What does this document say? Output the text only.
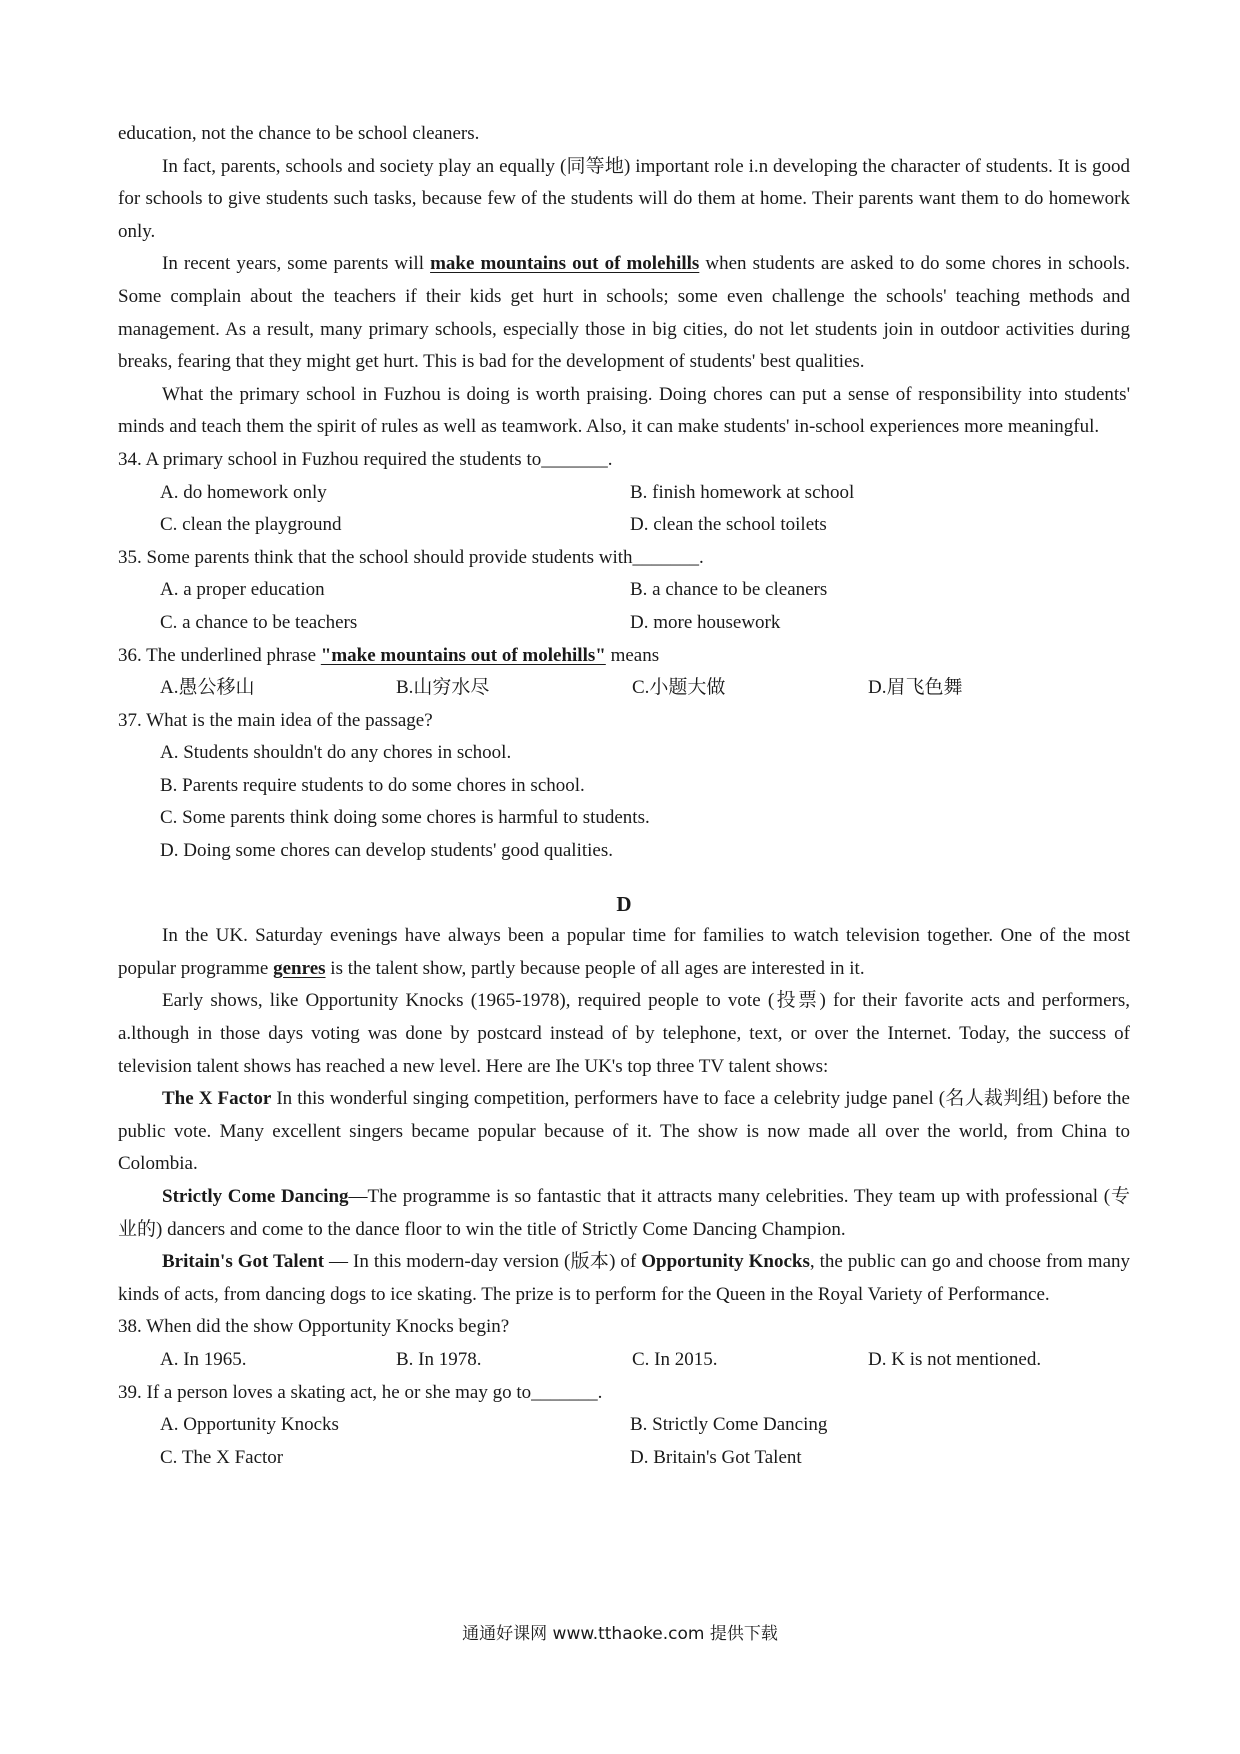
education, not the chance to be school cleaners.

In fact, parents, schools and society play an equally (同等地) important role i.n developing the character of students. It is good for schools to give students such tasks, because few of the students will do them at home. Their parents want them to do homework only.

In recent years, some parents will make mountains out of molehills when students are asked to do some chores in schools. Some complain about the teachers if their kids get hurt in schools; some even challenge the schools' teaching methods and management. As a result, many primary schools, especially those in big cities, do not let students join in outdoor activities during breaks, fearing that they might get hurt. This is bad for the development of students' best qualities.

What the primary school in Fuzhou is doing is worth praising. Doing chores can put a sense of responsibility into students' minds and teach them the spirit of rules as well as teamwork. Also, it can make students' in-school experiences more meaningful.

34. A primary school in Fuzhou required the students to_______.

A. do homework only	B. finish homework at school
C. clean the playground	D. clean the school toilets

35. Some parents think that the school should provide students with_______.

A. a proper education	B. a chance to be cleaners
C. a chance to be teachers	D. more housework

36. The underlined phrase "make mountains out of molehills" means

A.愚公移山	B.山穷水尽	C.小题大做	D.眉飞色舞

37. What is the main idea of the passage?

A. Students shouldn't do any chores in school.

B. Parents require students to do some chores in school.

C. Some parents think doing some chores is harmful to students.

D. Doing some chores can develop students' good qualities.

D

In the UK. Saturday evenings have always been a popular time for families to watch television together. One of the most popular programme genres is the talent show, partly because people of all ages are interested in it.

Early shows, like Opportunity Knocks (1965-1978), required people to vote (投票) for their favorite acts and performers, a.lthough in those days voting was done by postcard instead of by telephone, text, or over the Internet. Today, the success of television talent shows has reached a new level. Here are Ihe UK's top three TV talent shows:

The X Factor In this wonderful singing competition, performers have to face a celebrity judge panel (名人裁判组) before the public vote. Many excellent singers became popular because of it. The show is now made all over the world, from China to Colombia.

Strictly Come Dancing—The programme is so fantastic that it attracts many celebrities. They team up with professional (专业的) dancers and come to the dance floor to win the title of Strictly Come Dancing Champion.

Britain's Got Talent — In this modern-day version (版本) of Opportunity Knocks, the public can go and choose from many kinds of acts, from dancing dogs to ice skating. The prize is to perform for the Queen in the Royal Variety of Performance.

38. When did the show Opportunity Knocks begin?

A. In 1965.	B. In 1978.	C. In 2015.	D. K is not mentioned.

39. If a person loves a skating act, he or she may go to_______.

A. Opportunity Knocks	B. Strictly Come Dancing
C. The X Factor	D. Britain's Got Talent
通通好课网 www.tthaoke.com 提供下载
